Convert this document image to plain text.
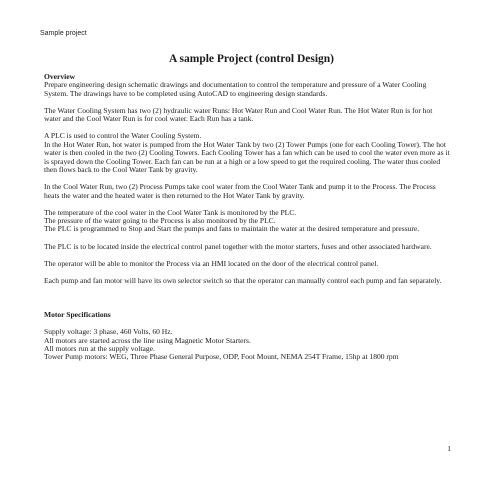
Sample project
A sample Project (control Design)
Overview
Prepare engineering design schematic drawings and documentation to control the temperature and pressure of a Water Cooling
System. The drawings have to be completed using AutoCAD to engineering design standards.
The Water Cooling System has two (2) hydraulic water Runs: Hot Water Run and Cool Water Run. The Hot Water Run is for hot
water and the Cool Water Run is for cool water. Each Run has a tank.
A PLC is used to control the Water Cooling System.
In the Hot Water Run, hot water is pumped from the Hot Water Tank by two (2) Tower Pumps (one for each Cooling Tower). The hot
water is then cooled in the two (2) Cooling Towers. Each Cooling Tower has a fan which can be used to cool the water even more as it
is sprayed down the Cooling Tower. Each fan can be run at a high or a low speed to get the required cooling. The water thus cooled
then flows back to the Cool Water Tank by gravity.
In the Cool Water Run, two (2) Process Pumps take cool water from the Cool Water Tank and pump it to the Process. The Process
heats the water and the heated water is then returned to the Hot Water Tank by gravity.
The temperature of the cool water in the Cool Water Tank is monitored by the PLC.
The pressure of the water going to the Process is also monitored by the PLC.
The PLC is programmed to Stop and Start the pumps and fans to maintain the water at the desired temperature and pressure.
The PLC is to be located inside the electrical control panel together with the motor starters, fuses and other associated hardware.
The operator will be able to monitor the Process via an HMI located on the door of the electrical control panel.
Each pump and fan motor will have its own selector switch so that the operator can manually control each pump and fan separately.
Motor Specifications
Supply voltage: 3 phase, 460 Volts, 60 Hz.
All motors are started across the line using Magnetic Motor Starters.
All motors run at the supply voltage.
Tower Pump motors: WEG, Three Phase General Purpose, ODP, Foot Mount, NEMA 254T Frame, 15hp at 1800 rpm
1
